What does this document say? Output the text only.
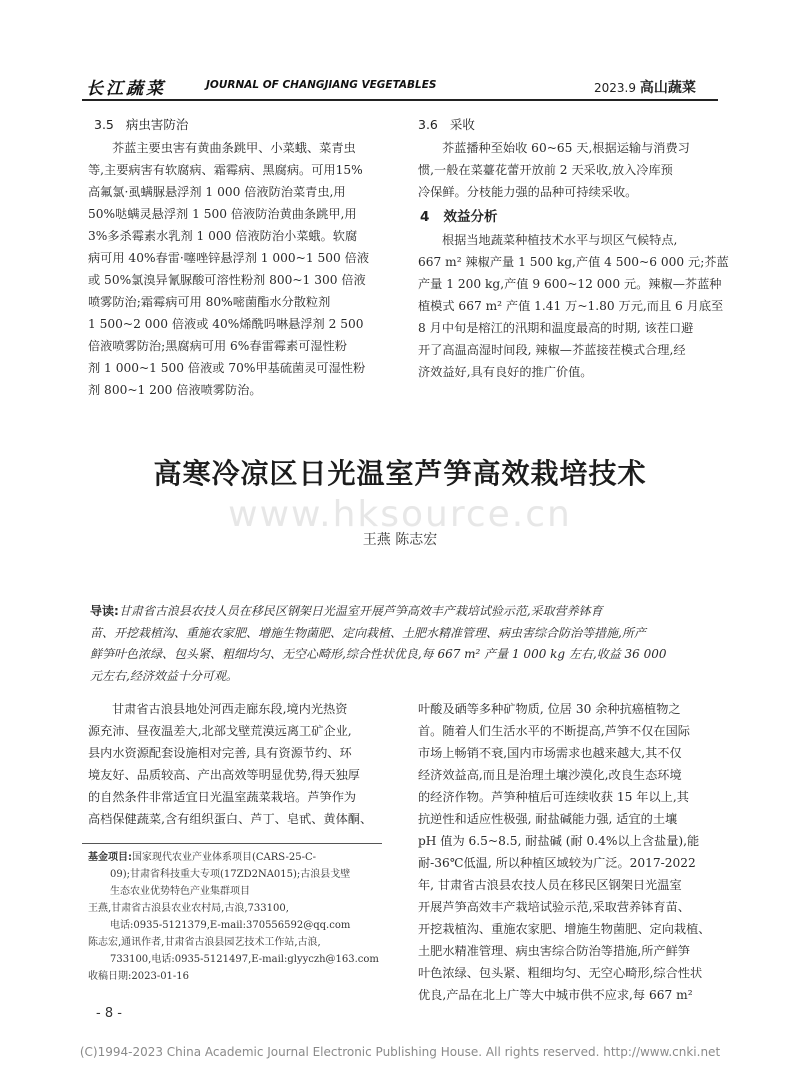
长江蔬菜	JOURNAL OF CHANGJIANG VEGETABLES	2023.9 高山蔬菜
3.5 病虫害防治
芥蓝主要虫害有黄曲条跳甲、小菜蛾、菜青虫
等,主要病害有软腐病、霜霉病、黑腐病。可用15%
高氟氯·虱螨脲悬浮剂 1 000 倍液防治菜青虫,用
50%哒螨灵悬浮剂 1 500 倍液防治黄曲条跳甲,用
3%多杀霉素水乳剂 1 000 倍液防治小菜蛾。软腐
病可用 40%春雷·噻唑锌悬浮剂 1 000~1 500 倍液
或 50%氯溴异氰脲酸可溶性粉剂 800~1 300 倍液
喷雾防治;霜霉病可用 80%嘧菌酯水分散粒剂
1 500~2 000 倍液或 40%烯酰吗啉悬浮剂 2 500
倍液喷雾防治;黑腐病可用 6%春雷霉素可湿性粉
剂 1 000~1 500 倍液或 70%甲基硫菌灵可湿性粉
剂 800~1 200 倍液喷雾防治。
3.6 采收
芥蓝播种至始收 60~65 天,根据运输与消费习
惯,一般在菜薹花蕾开放前 2 天采收,放入冷库预
冷保鲜。分枝能力强的品种可持续采收。
4 效益分析
根据当地蔬菜种植技术水平与坝区气候特点,
667 m² 辣椒产量 1 500 kg,产值 4 500~6 000 元;芥蓝
产量 1 200 kg,产值 9 600~12 000 元。辣椒—芥蓝种
植模式 667 m² 产值 1.41 万~1.80 万元,而且 6 月底至
8 月中旬是榕江的汛期和温度最高的时期, 该茬口避
开了高温高湿时间段, 辣椒—芥蓝接茬模式合理,经
济效益好,具有良好的推广价值。
www.hksource.cn
高寒冷凉区日光温室芦笋高效栽培技术
王燕 陈志宏
导读:甘肃省古浪县农技人员在移民区钢架日光温室开展芦笋高效丰产栽培试验示范,采取营养钵育
苗、开挖栽植沟、重施农家肥、增施生物菌肥、定向栽植、土肥水精准管理、病虫害综合防治等措施,所产
鲜笋叶色浓绿、包头紧、粗细均匀、无空心畸形,综合性状优良,每 667 m² 产量 1 000 kg 左右,收益 36 000
元左右,经济效益十分可观。
甘肃省古浪县地处河西走廊东段,境内光热资
源充沛、昼夜温差大,北部戈壁荒漠远离工矿企业,
县内水资源配套设施相对完善, 具有资源节约、环
境友好、品质较高、产出高效等明显优势,得天独厚
的自然条件非常适宜日光温室蔬菜栽培。芦笋作为
高档保健蔬菜,含有组织蛋白、芦丁、皂甙、黄体酮、
叶酸及硒等多种矿物质, 位居 30 余种抗癌植物之
首。随着人们生活水平的不断提高,芦笋不仅在国际
市场上畅销不衰,国内市场需求也越来越大,其不仅
经济效益高,而且是治理土壤沙漠化,改良生态环境
的经济作物。芦笋种植后可连续收获 15 年以上,其
抗逆性和适应性极强, 耐盐碱能力强, 适宜的土壤
pH 值为 6.5~8.5, 耐盐碱 (耐 0.4%以上含盐量),能
耐-36℃低温, 所以种植区域较为广泛。2017-2022
年, 甘肃省古浪县农技人员在移民区钢架日光温室
开展芦笋高效丰产栽培试验示范,采取营养钵育苗、
开挖栽植沟、重施农家肥、增施生物菌肥、定向栽植、
土肥水精准管理、病虫害综合防治等措施,所产鲜笋
叶色浓绿、包头紧、粗细均匀、无空心畸形,综合性状
优良,产品在北上广等大中城市供不应求,每 667 m²
基金项目:国家现代农业产业体系项目(CARS-25-C-
09);甘肃省科技重大专项(17ZD2NA015);古浪县戈壁
生态农业优势特色产业集群项目
王燕,甘肃省古浪县农业农村局,古浪,733100,
电话:0935-5121379,E-mail:370556592@qq.com
陈志宏,通讯作者,甘肃省古浪县园艺技术工作站,古浪,
733100,电话:0935-5121497,E-mail:glyyczh@163.com
收稿日期:2023-01-16
- 8 -
(C)1994-2023 China Academic Journal Electronic Publishing House. All rights reserved. http://www.cnki.net
